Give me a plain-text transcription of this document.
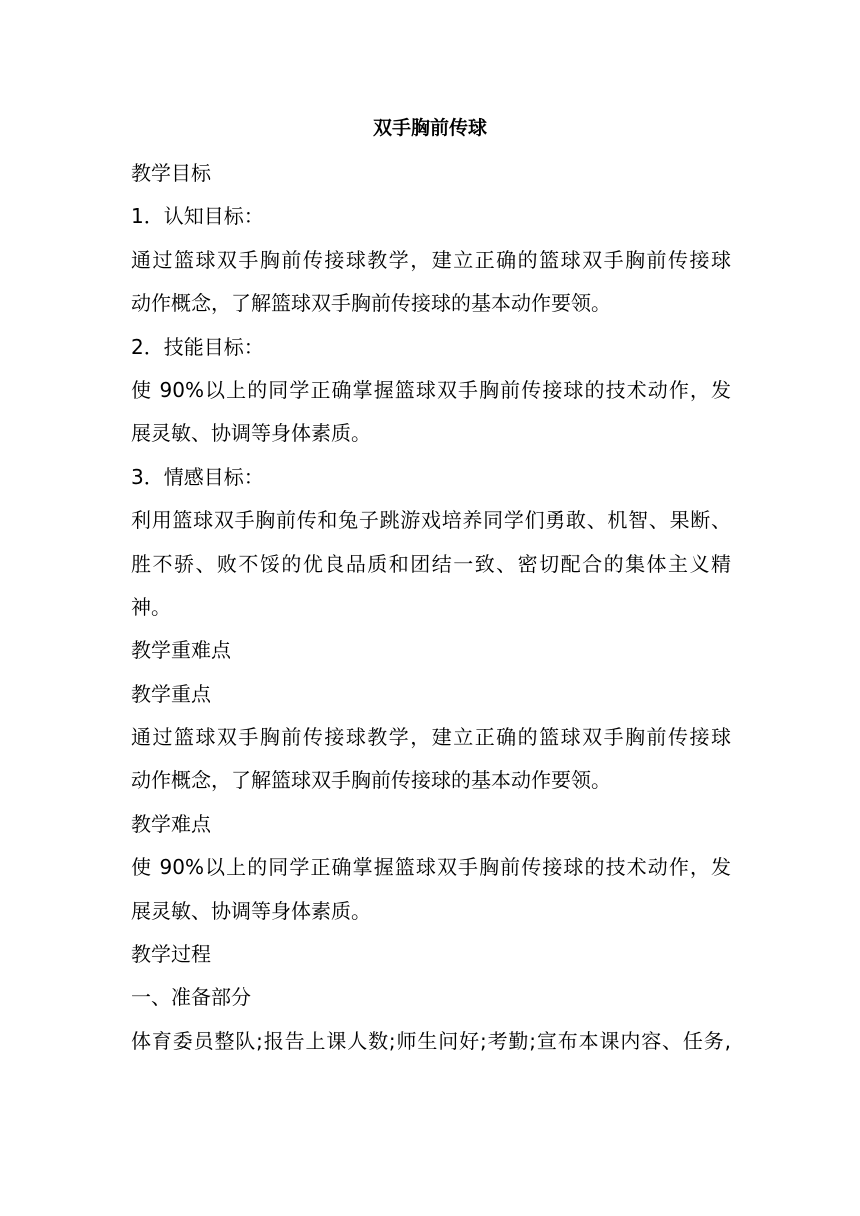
双手胸前传球
教学目标
1．认知目标：
通过篮球双手胸前传接球教学，建立正确的篮球双手胸前传接球
动作概念，了解篮球双手胸前传接球的基本动作要领。
2．技能目标：
使 90%以上的同学正确掌握篮球双手胸前传接球的技术动作，发
展灵敏、协调等身体素质。
3．情感目标：
利用篮球双手胸前传和兔子跳游戏培养同学们勇敢、机智、果断、
胜不骄、败不馁的优良品质和团结一致、密切配合的集体主义精
神。
教学重难点
教学重点
通过篮球双手胸前传接球教学，建立正确的篮球双手胸前传接球
动作概念，了解篮球双手胸前传接球的基本动作要领。
教学难点
使 90%以上的同学正确掌握篮球双手胸前传接球的技术动作，发
展灵敏、协调等身体素质。
教学过程
一、准备部分
体育委员整队;报告上课人数;师生问好;考勤;宣布本课内容、任务,
